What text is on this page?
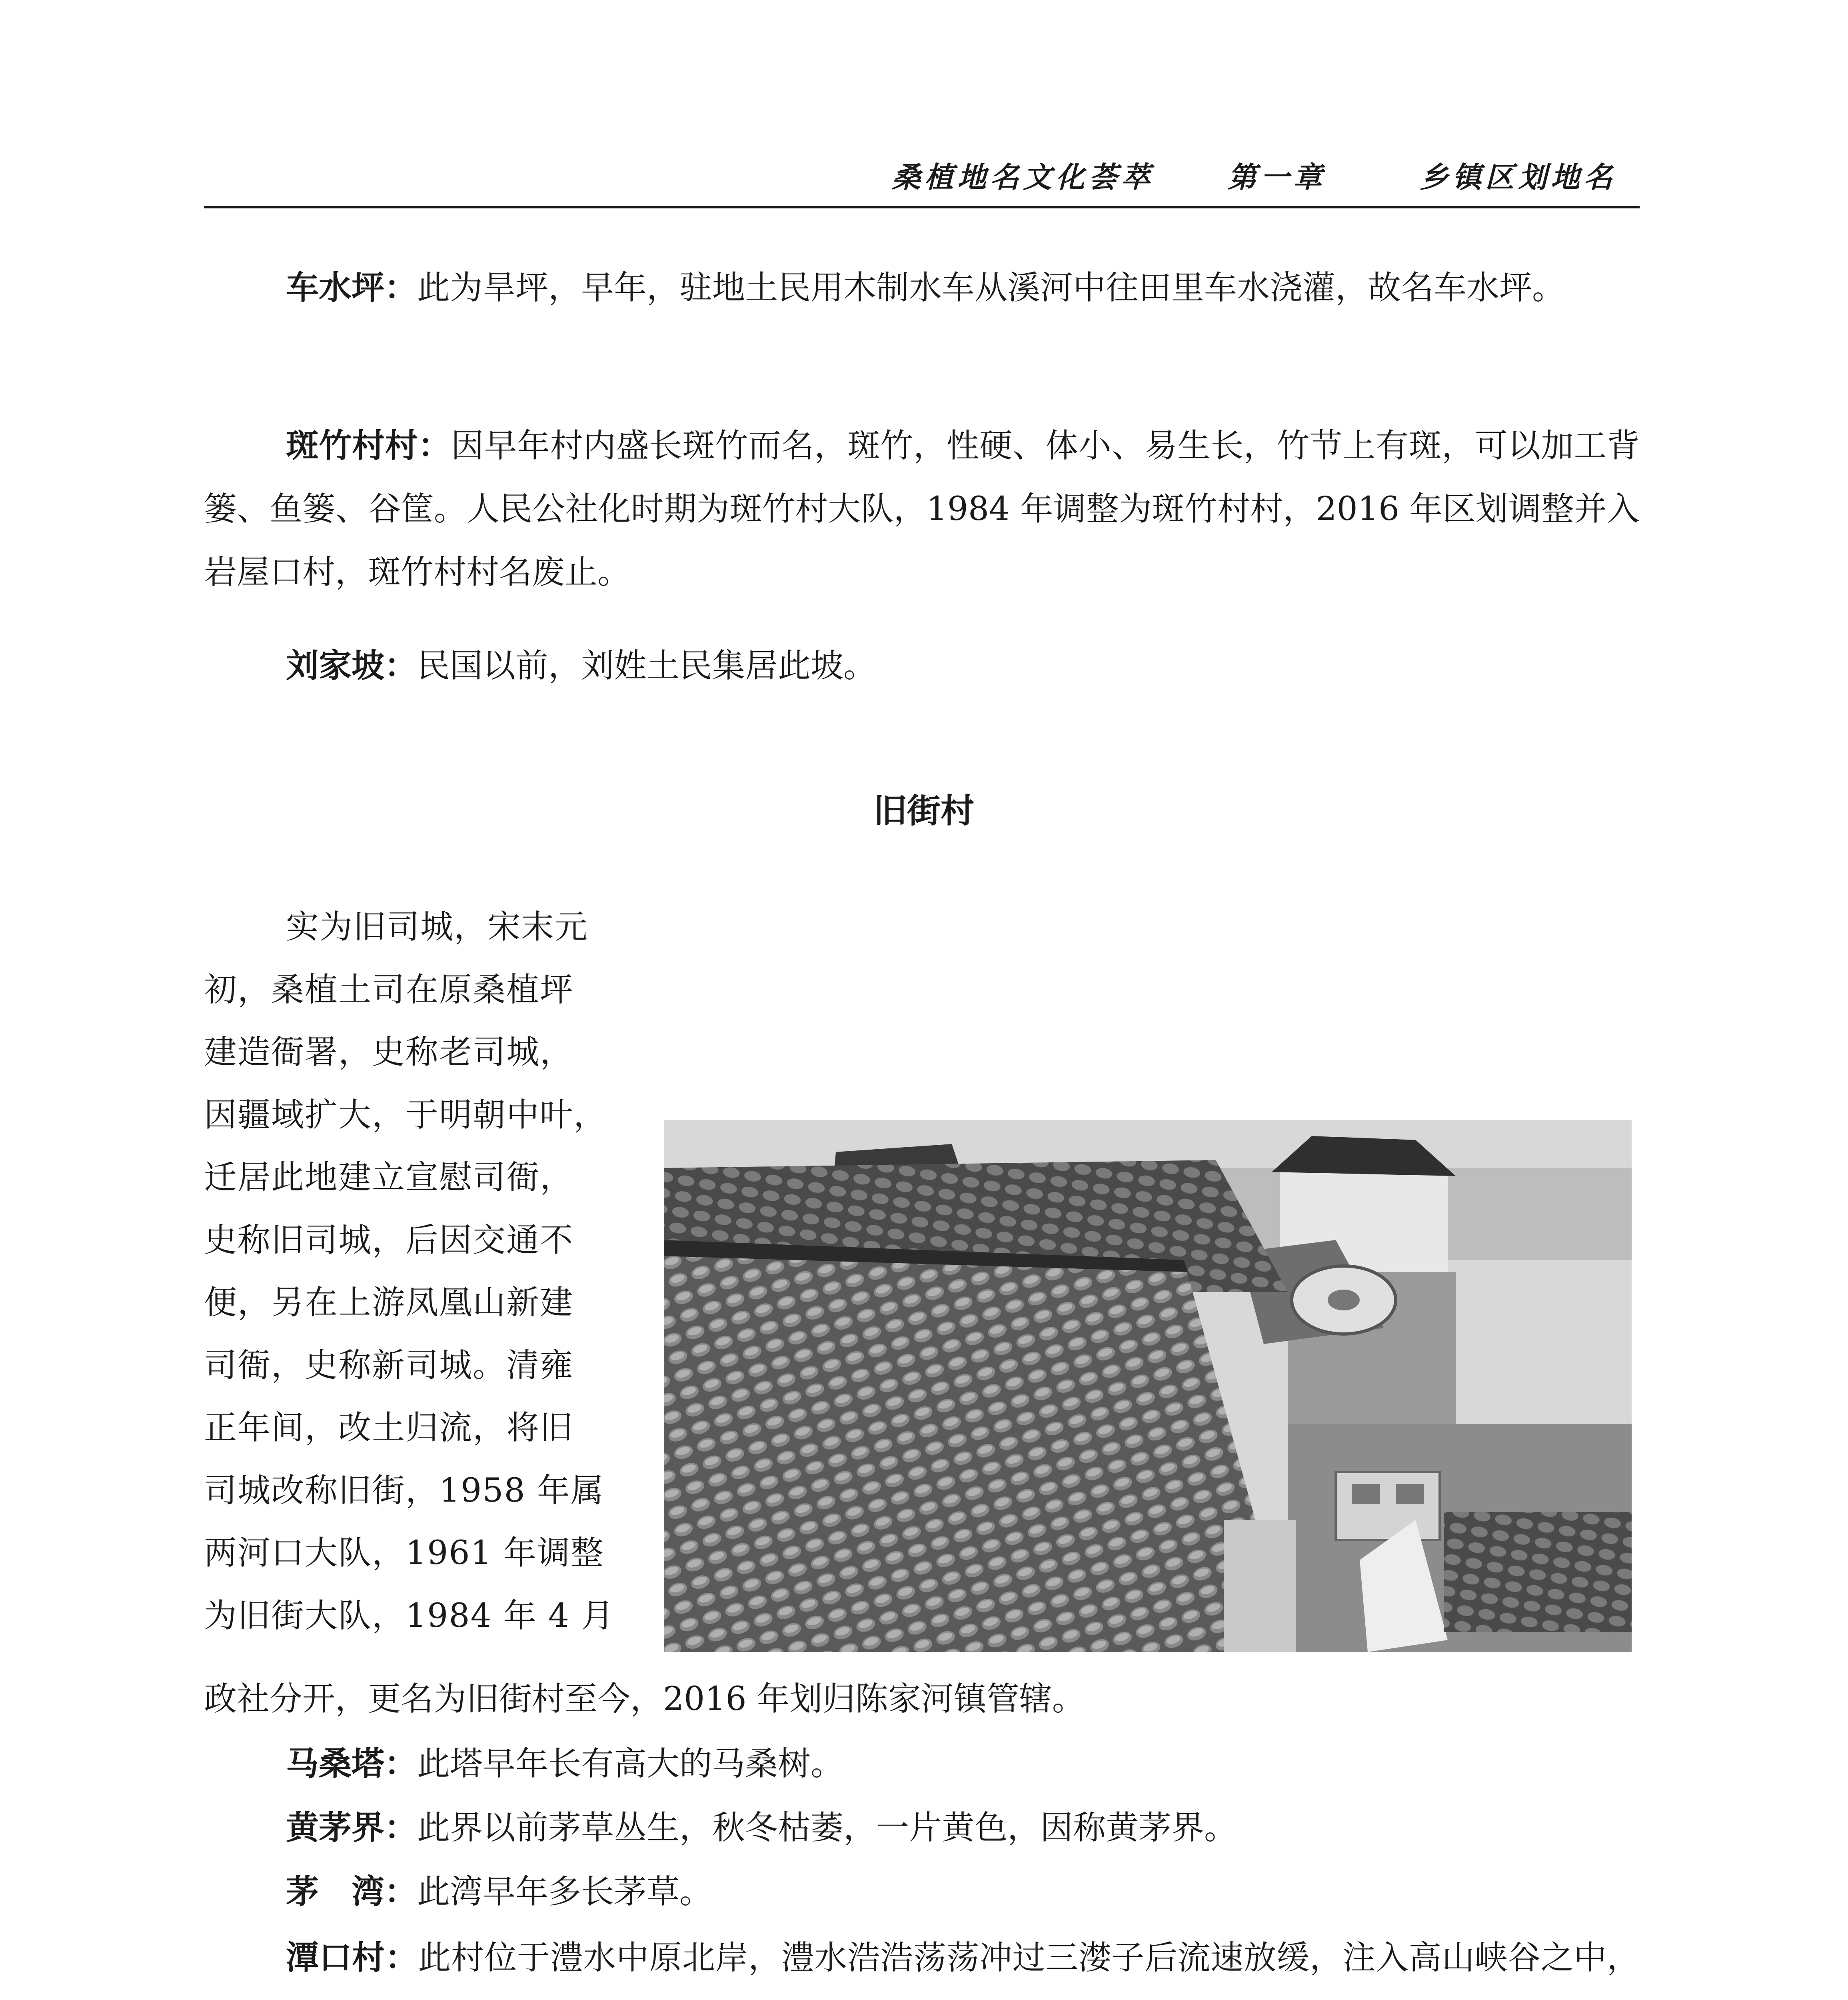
桑植地名文化荟萃	第一章	乡镇区划地名

车水坪：此为旱坪，早年，驻地土民用木制水车从溪河中往田里车水浇灌，故名车水坪。

斑竹村村：因早年村内盛长斑竹而名，斑竹，性硬、体小、易生长，竹节上有斑，可以加工背篓、鱼篓、谷筐。人民公社化时期为斑竹村大队，1984 年调整为斑竹村村，2016 年区划调整并入岩屋口村，斑竹村村名废止。

刘家坡：民国以前，刘姓土民集居此坡。

旧街村
实为旧司城，宋末元
初，桑植土司在原桑植坪
建造衙署，史称老司城，
因疆域扩大，于明朝中叶，
迁居此地建立宣慰司衙，
史称旧司城，后因交通不
便，另在上游凤凰山新建
司衙，史称新司城。清雍
正年间，改土归流，将旧
司城改称旧街，1958 年属
两河口大队，1961 年调整
为旧街大队，1984 年 4 月

政社分开，更名为旧街村至今，2016 年划归陈家河镇管辖。

马桑塔：此塔早年长有高大的马桑树。

黄茅界：此界以前茅草丛生，秋冬枯萎，一片黄色，因称黄茅界。

茅　湾：此湾早年多长茅草。

潭口村：此村位于澧水中原北岸，澧水浩浩荡荡冲过三漤子后流速放缓，注入高山峡谷之中，
